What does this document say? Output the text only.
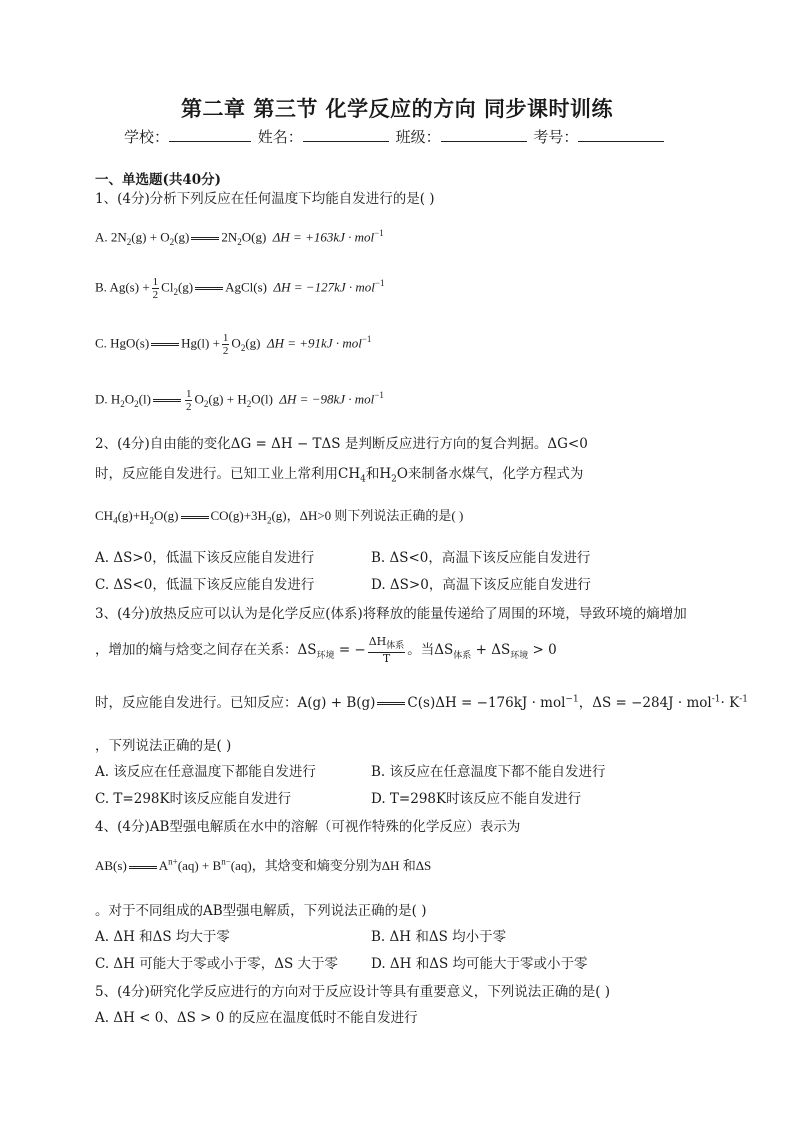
第二章 第三节 化学反应的方向 同步课时训练
学校：	姓名：	班级：	考号：
一、单选题(共40分)
1、(4分)分析下列反应在任何温度下均能自发进行的是( )
A. $2N_2(g) + O_2(g)$ $2N_2O(g) \Delta H = +163kJ \cdot mol^{-1}$
B. $Ag(s) + \frac{1}{2} Cl_2(g)$ AgCl(s) ΔH = −127kJ · mol$^{-1}$
C. HgO(s) $Hg(l) + \frac{1}{2} O_2(g) \Delta H = +91kJ \cdot mol^{-1}$
D. $H_2O_2(l)$	$\frac{1}{2} O_2(g) + H_2O(l) \Delta H = -98kJ \cdot mol^{-1}$
2、(4分)自由能的变化ΔG = ΔH − TΔS 是判断反应进行方向的复合判据。ΔG<0
时，反应能自发进行。已知工业上常利用$CH_4$和$H_2O$来制备水煤气，化学方程式为
$CH_4(g)+H_2O(g)$ $CO(g)+3H_2(g)$，ΔH>0 则下列说法正确的是( )
A. ΔS>0，低温下该反应能自发进行	B. ΔS<0，高温下该反应能自发进行
C. ΔS<0，低温下该反应能自发进行	D. ΔS>0，高温下该反应能自发进行
3、(4分)放热反应可以认为是化学反应(体系)将释放的能量传递给了周围的环境，导致环境的熵增加
，增加的熵与焓变之间存在关系：$\Delta S_{环境}$ = − $\frac{\Delta H_{体系}}{T}$ 。当$\Delta S_{体系} + \Delta S_{环境} > 0$
时，反应能自发进行。已知反应：A(g) + B(g) C(s)ΔH = −176kJ · mol$^{-1}$，$\Delta S = -284J \cdot mol^{-1}\cdot K^{-1}$
，下列说法正确的是( )
A. 该反应在任意温度下都能自发进行	B. 该反应在任意温度下都不能自发进行
C. T=298K时该反应能自发进行	D. T=298K时该反应不能自发进行
4、(4分)AB型强电解质在水中的溶解（可视作特殊的化学反应）表示为
AB(s) $A^{n+}(aq) + B^{n-}(aq)$，其焓变和熵变分别为ΔH 和ΔS
。对于不同组成的AB型强电解质，下列说法正确的是( )
A. ΔH 和ΔS 均大于零	B. ΔH 和ΔS 均小于零
C. ΔH 可能大于零或小于零，ΔS 大于零 D. ΔH 和ΔS 均可能大于零或小于零
5、(4分)研究化学反应进行的方向对于反应设计等具有重要意义，下列说法正确的是( )
A. ΔH < 0、ΔS > 0 的反应在温度低时不能自发进行
